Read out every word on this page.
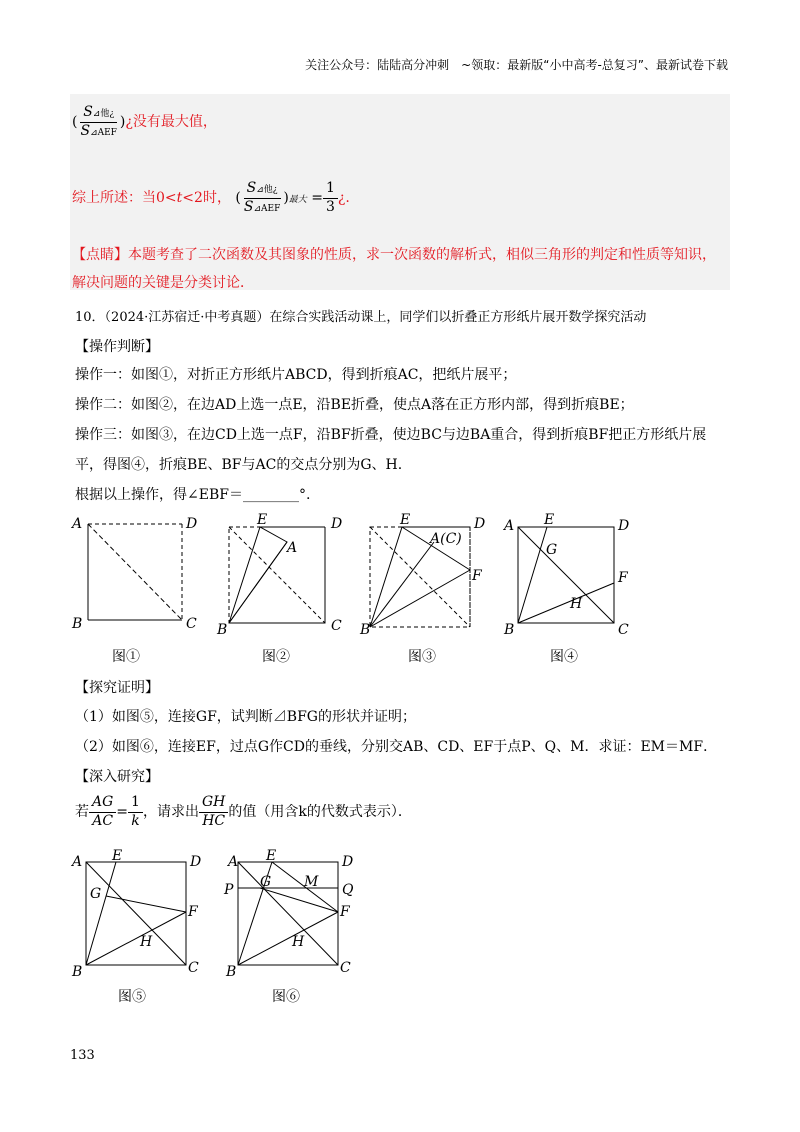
关注公众号：陆陆高分冲刺　~领取：最新版“小中高考-总复习”、最新试卷下载
( $\frac{\text{S⊿他¿}}{\text{S⊿AEF}}$ )¿没有最大值，
综上所述：当0<t<2时， ( $\frac{\text{S⊿他¿}}{\text{S⊿AEF}}$ )最大 = $\frac{1}{3}$ ¿.
【点睛】本题考查了二次函数及其图象的性质，求一次函数的解析式，相似三角形的判定和性质等知识，
解决问题的关键是分类讨论．
10．（2024·江苏宿迁·中考真题）在综合实践活动课上，同学们以折叠正方形纸片展开数学探究活动
【操作判断】
操作一：如图①，对折正方形纸片ABCD，得到折痕AC，把纸片展平；
操作二：如图②，在边AD上选一点E，沿BE折叠，使点A落在正方形内部，得到折痕BE；
操作三：如图③，在边CD上选一点F，沿BF折叠，使边BC与边BA重合，得到折痕BF把正方形纸片展
平，得图④，折痕BE、BF与AC的交点分别为G、H.
根据以上操作，得∠EBF＝________°.
A	D
B	C
图①
E	D
A
B	C
图②
E	D
A(C)
F
B
图③
A E	D
G
F
H
B	C
图④
【探究证明】
（1）如图⑤，连接GF，试判断⊿BFG的形状并证明；
（2）如图⑥，连接EF，过点G作CD的垂线，分别交AB、CD、EF于点P、Q、M．求证：EM＝MF．
【深入研究】
若 $\frac{AG}{AC} = \frac{1}{k}$ ，请求出 $\frac{GH}{HC}$ 的值（用含k的代数式表示）．
A E	D
G
F
H
B	C
图⑤
A E	D
P G M Q
F
H
B	C
图⑥
133
